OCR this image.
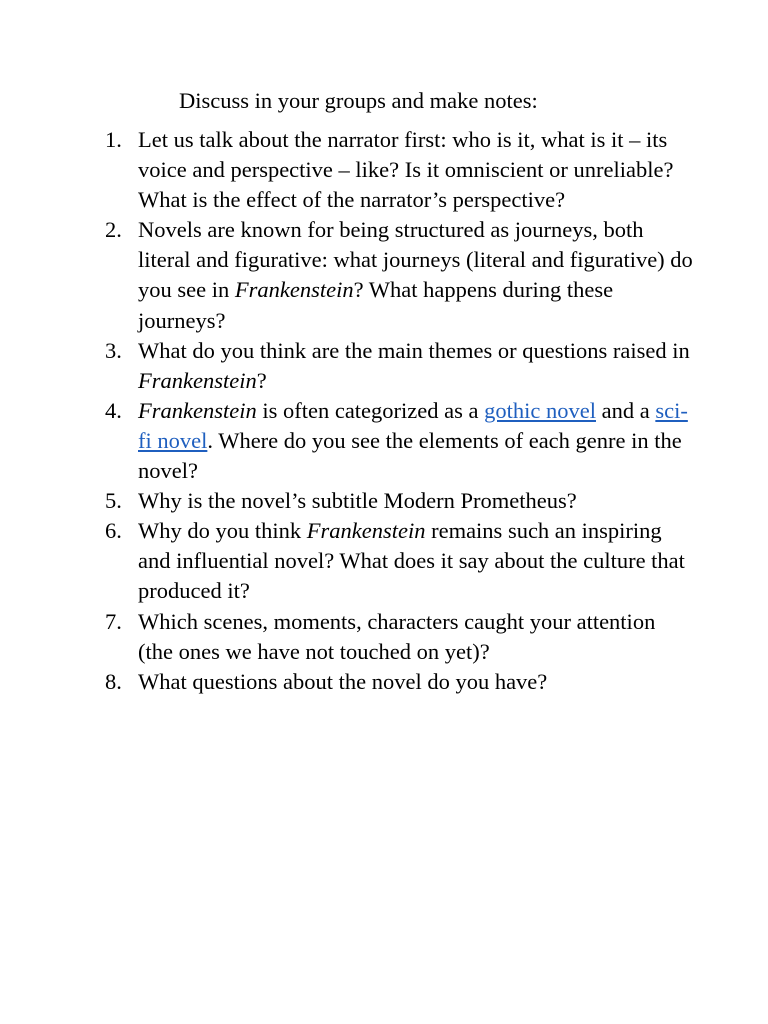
Discuss in your groups and make notes:
1. Let us talk about the narrator first: who is it, what is it – its voice and perspective – like? Is it omniscient or unreliable? What is the effect of the narrator’s perspective?
2. Novels are known for being structured as journeys, both literal and figurative: what journeys (literal and figurative) do you see in Frankenstein? What happens during these journeys?
3. What do you think are the main themes or questions raised in Frankenstein?
4. Frankenstein is often categorized as a gothic novel and a sci-fi novel. Where do you see the elements of each genre in the novel?
5. Why is the novel’s subtitle Modern Prometheus?
6. Why do you think Frankenstein remains such an inspiring and influential novel? What does it say about the culture that produced it?
7. Which scenes, moments, characters caught your attention (the ones we have not touched on yet)?
8. What questions about the novel do you have?
